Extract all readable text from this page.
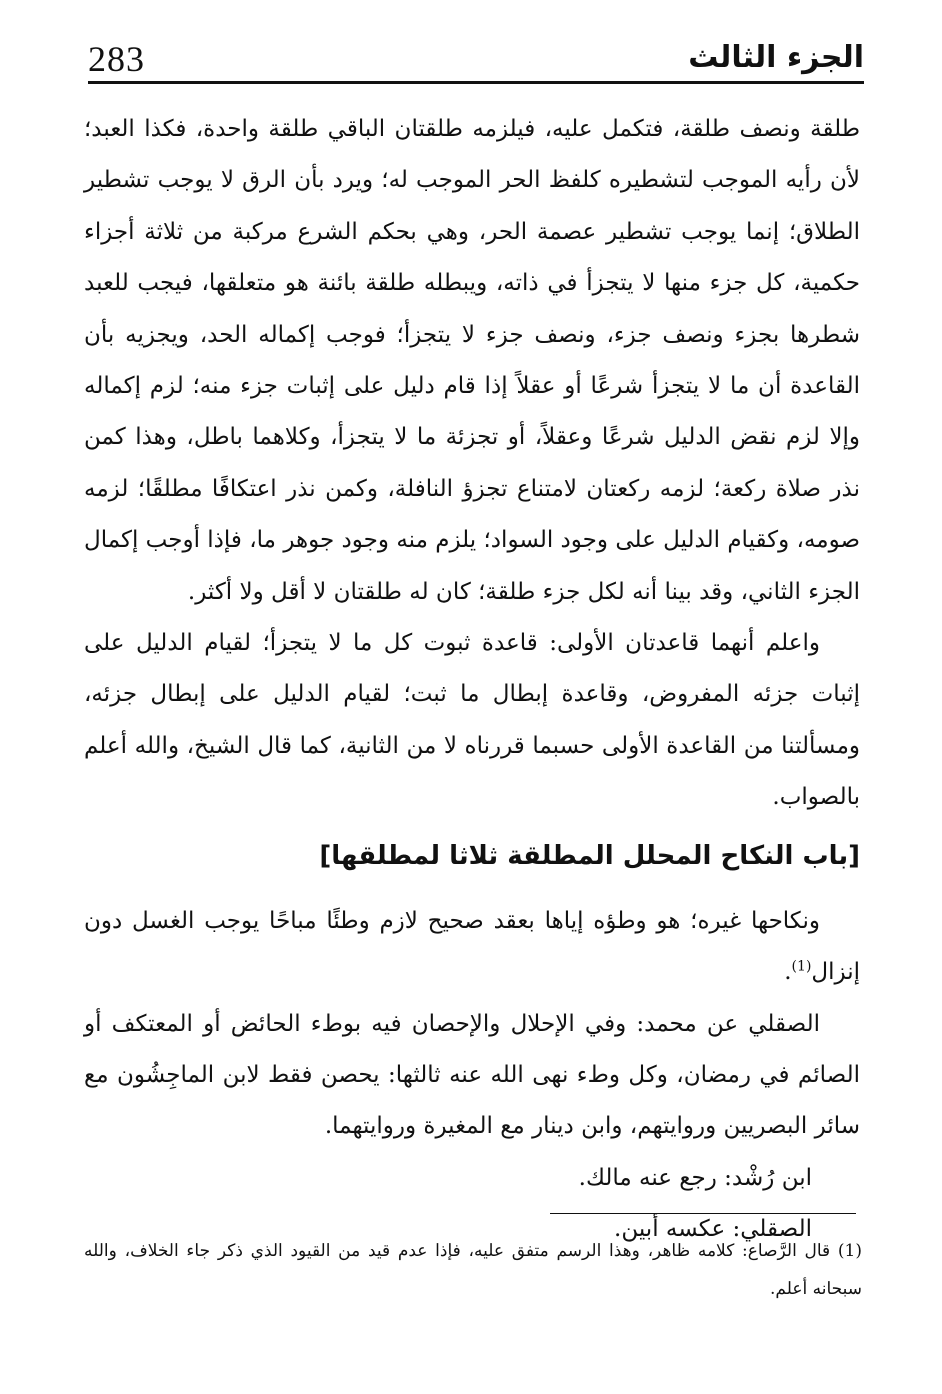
283	الجزء الثالث

طلقة ونصف طلقة، فتكمل عليه، فيلزمه طلقتان الباقي طلقة واحدة، فكذا العبد؛ لأن رأيه الموجب لتشطيره كلفظ الحر الموجب له؛ ويرد بأن الرق لا يوجب تشطير الطلاق؛ إنما يوجب تشطير عصمة الحر، وهي بحكم الشرع مركبة من ثلاثة أجزاء حكمية، كل جزء منها لا يتجزأ في ذاته، ويبطله طلقة بائنة هو متعلقها، فيجب للعبد شطرها بجزء ونصف جزء، ونصف جزء لا يتجزأ؛ فوجب إكماله الحد، ويجزيه بأن القاعدة أن ما لا يتجزأ شرعًا أو عقلاً إذا قام دليل على إثبات جزء منه؛ لزم إكماله وإلا لزم نقض الدليل شرعًا وعقلاً، أو تجزئة ما لا يتجزأ، وكلاهما باطل، وهذا كمن نذر صلاة ركعة؛ لزمه ركعتان لامتناع تجزؤ النافلة، وكمن نذر اعتكافًا مطلقًا؛ لزمه صومه، وكقيام الدليل على وجود السواد؛ يلزم منه وجود جوهر ما، فإذا أوجب إكمال الجزء الثاني، وقد بينا أنه لكل جزء طلقة؛ كان له طلقتان لا أقل ولا أكثر.

واعلم أنهما قاعدتان الأولى: قاعدة ثبوت كل ما لا يتجزأ؛ لقيام الدليل على إثبات جزئه المفروض، وقاعدة إبطال ما ثبت؛ لقيام الدليل على إبطال جزئه، ومسألتنا من القاعدة الأولى حسبما قررناه لا من الثانية، كما قال الشيخ، والله أعلم بالصواب.

[باب النكاح المحلل المطلقة ثلاثا لمطلقها]

ونكاحها غيره؛ هو وطؤه إياها بعقد صحيح لازم وطئًا مباحًا يوجب الغسل دون إنزال$^{(1)}$.

الصقلي عن محمد: وفي الإحلال والإحصان فيه بوطء الحائض أو المعتكف أو الصائم في رمضان، وكل وطء نهى الله عنه ثالثها: يحصن فقط لابن الماجِشُون مع سائر البصريين وروايتهم، وابن دينار مع المغيرة وروايتهما.

ابن رُشْد: رجع عنه مالك.

الصقلي: عكسه أبين.

(1) قال الرَّصاع: كلامه ظاهر، وهذا الرسم متفق عليه، فإذا عدم قيد من القيود الذي ذكر جاء الخلاف، والله سبحانه أعلم.
